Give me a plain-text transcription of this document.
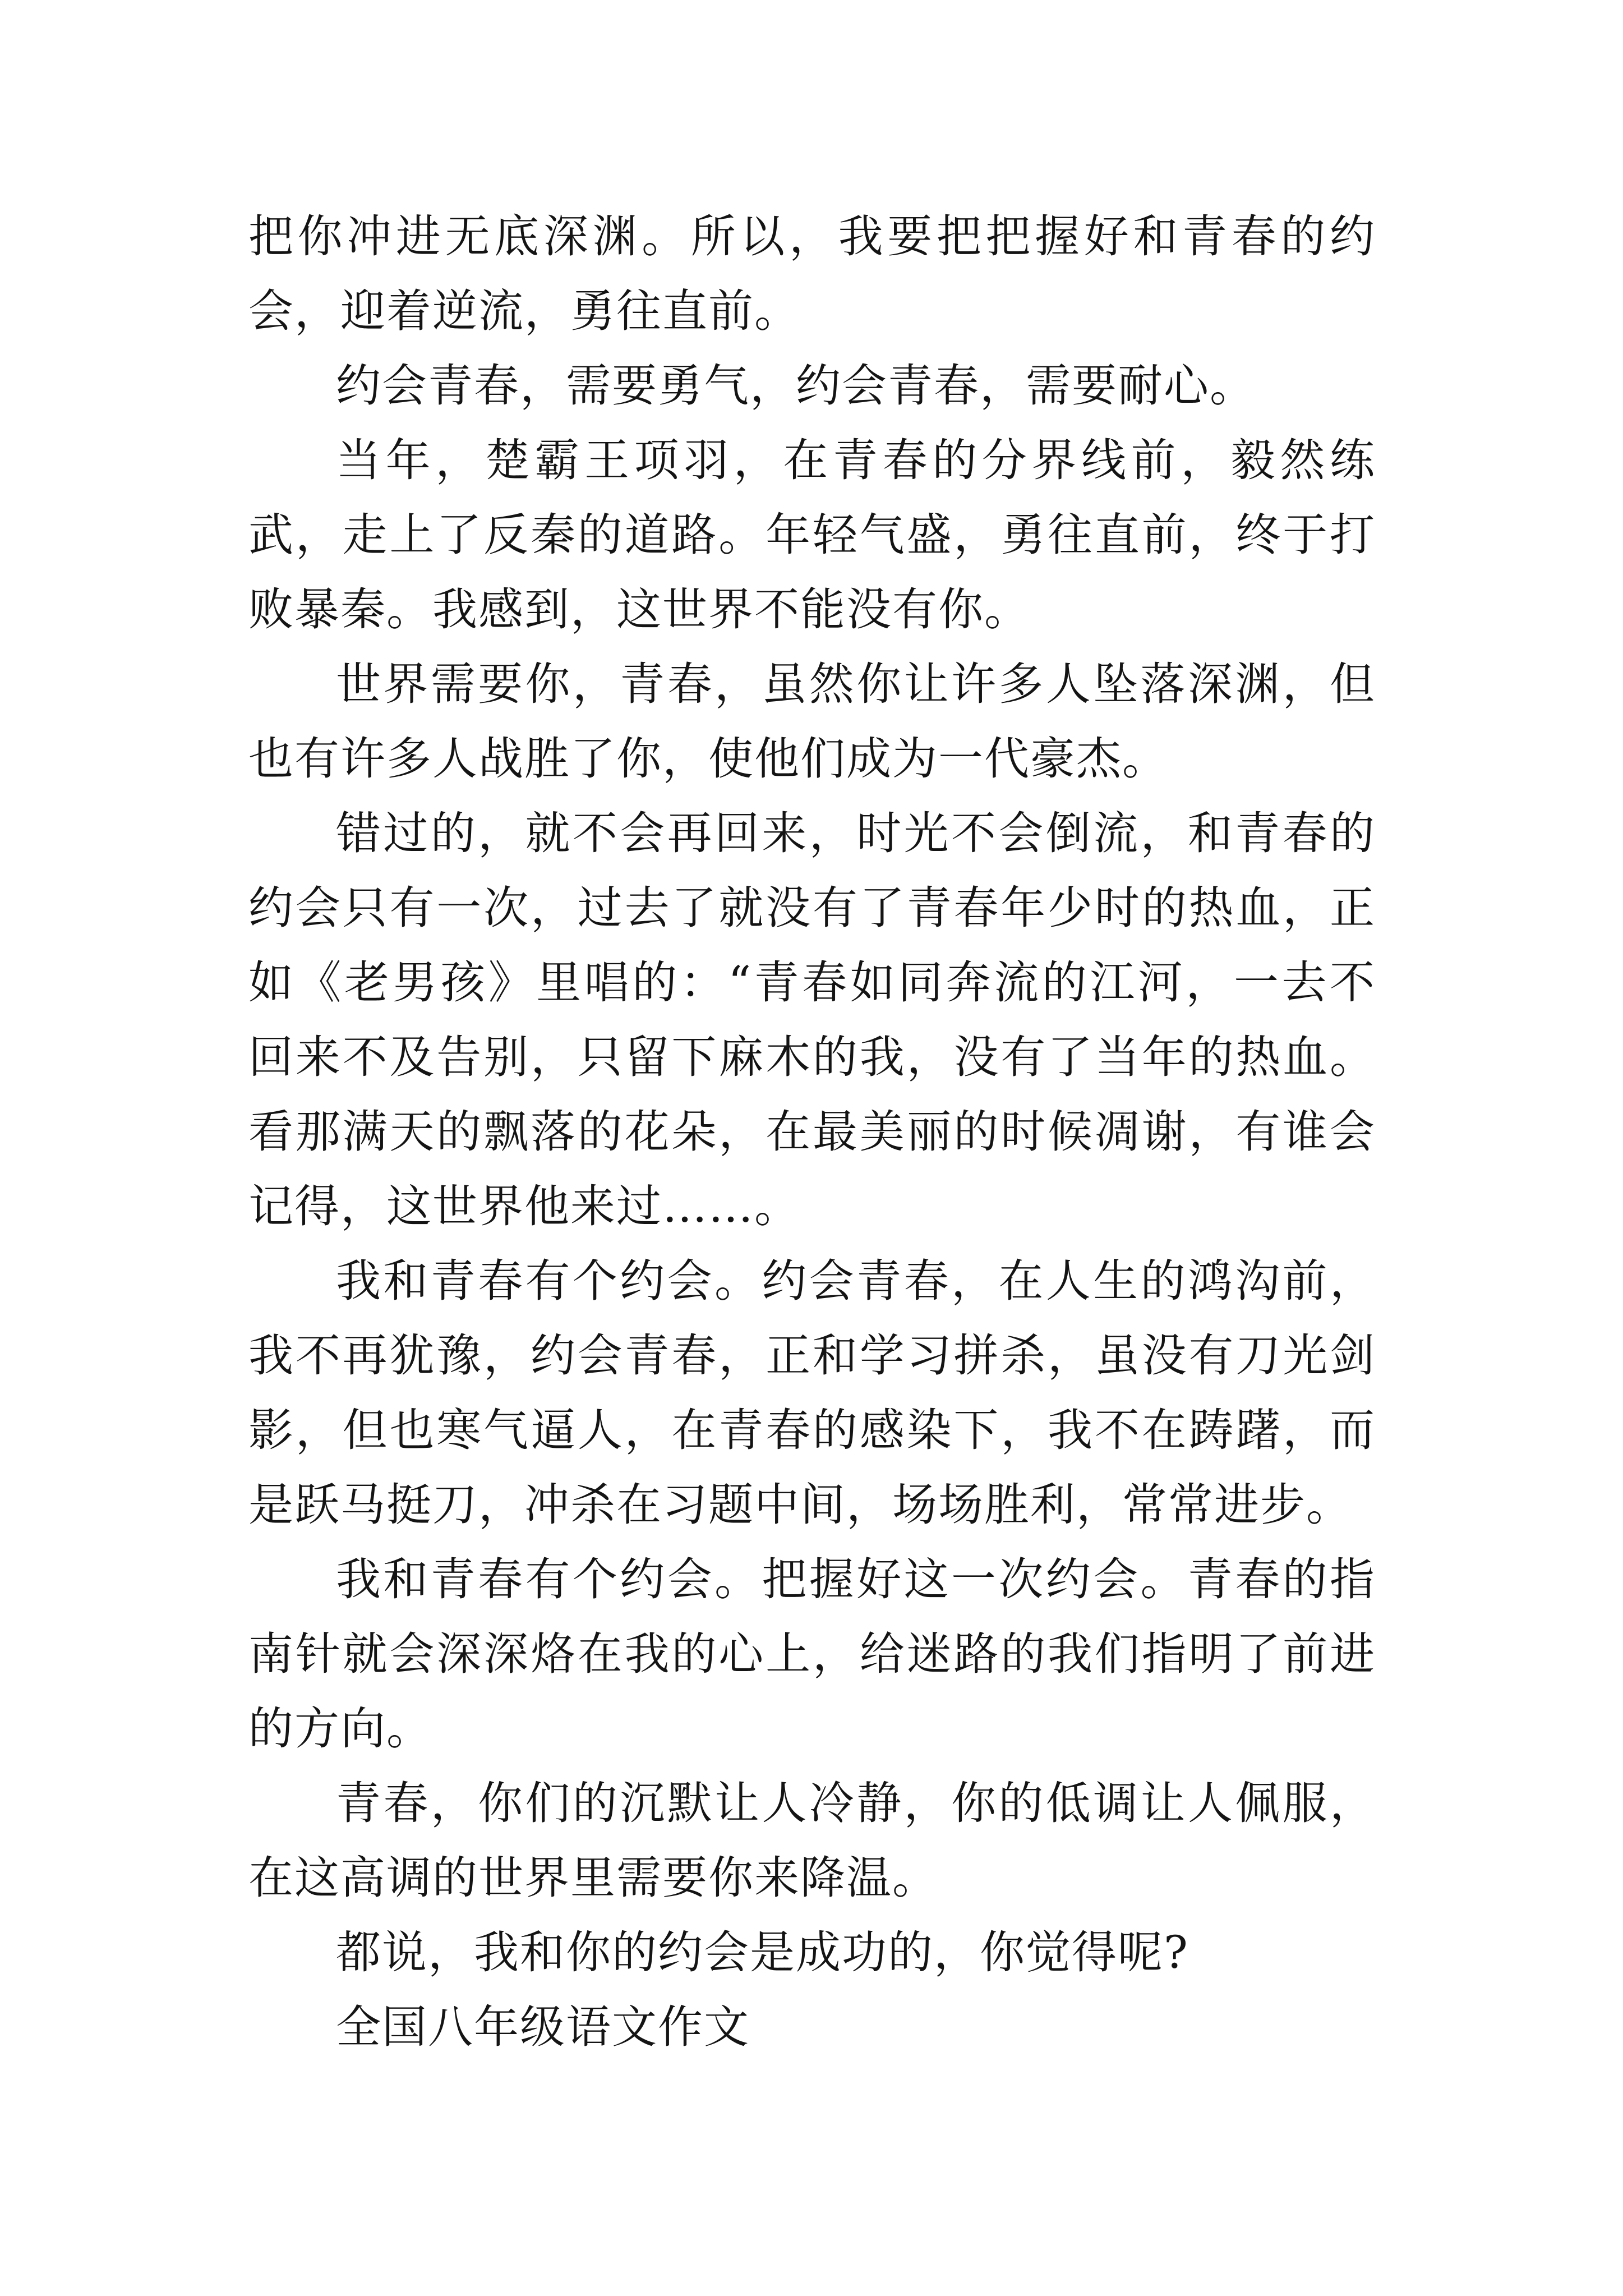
把你冲进无底深渊。所以，我要把把握好和青春的约会，迎着逆流，勇往直前。

约会青春，需要勇气，约会青春，需要耐心。

当年，楚霸王项羽，在青春的分界线前，毅然练武，走上了反秦的道路。年轻气盛，勇往直前，终于打败暴秦。我感到，这世界不能没有你。

世界需要你，青春，虽然你让许多人坠落深渊，但也有许多人战胜了你，使他们成为一代豪杰。

错过的，就不会再回来，时光不会倒流，和青春的约会只有一次，过去了就没有了青春年少时的热血，正如《老男孩》里唱的：“青春如同奔流的江河，一去不回来不及告别，只留下麻木的我，没有了当年的热血。看那满天的飘落的花朵，在最美丽的时候凋谢，有谁会记得，这世界他来过……。

我和青春有个约会。约会青春，在人生的鸿沟前，我不再犹豫，约会青春，正和学习拼杀，虽没有刀光剑影，但也寒气逼人，在青春的感染下，我不在踌躇，而是跃马挺刀，冲杀在习题中间，场场胜利，常常进步。

我和青春有个约会。把握好这一次约会。青春的指南针就会深深烙在我的心上，给迷路的我们指明了前进的方向。

青春，你们的沉默让人冷静，你的低调让人佩服，在这高调的世界里需要你来降温。

都说，我和你的约会是成功的，你觉得呢?

全国八年级语文作文
